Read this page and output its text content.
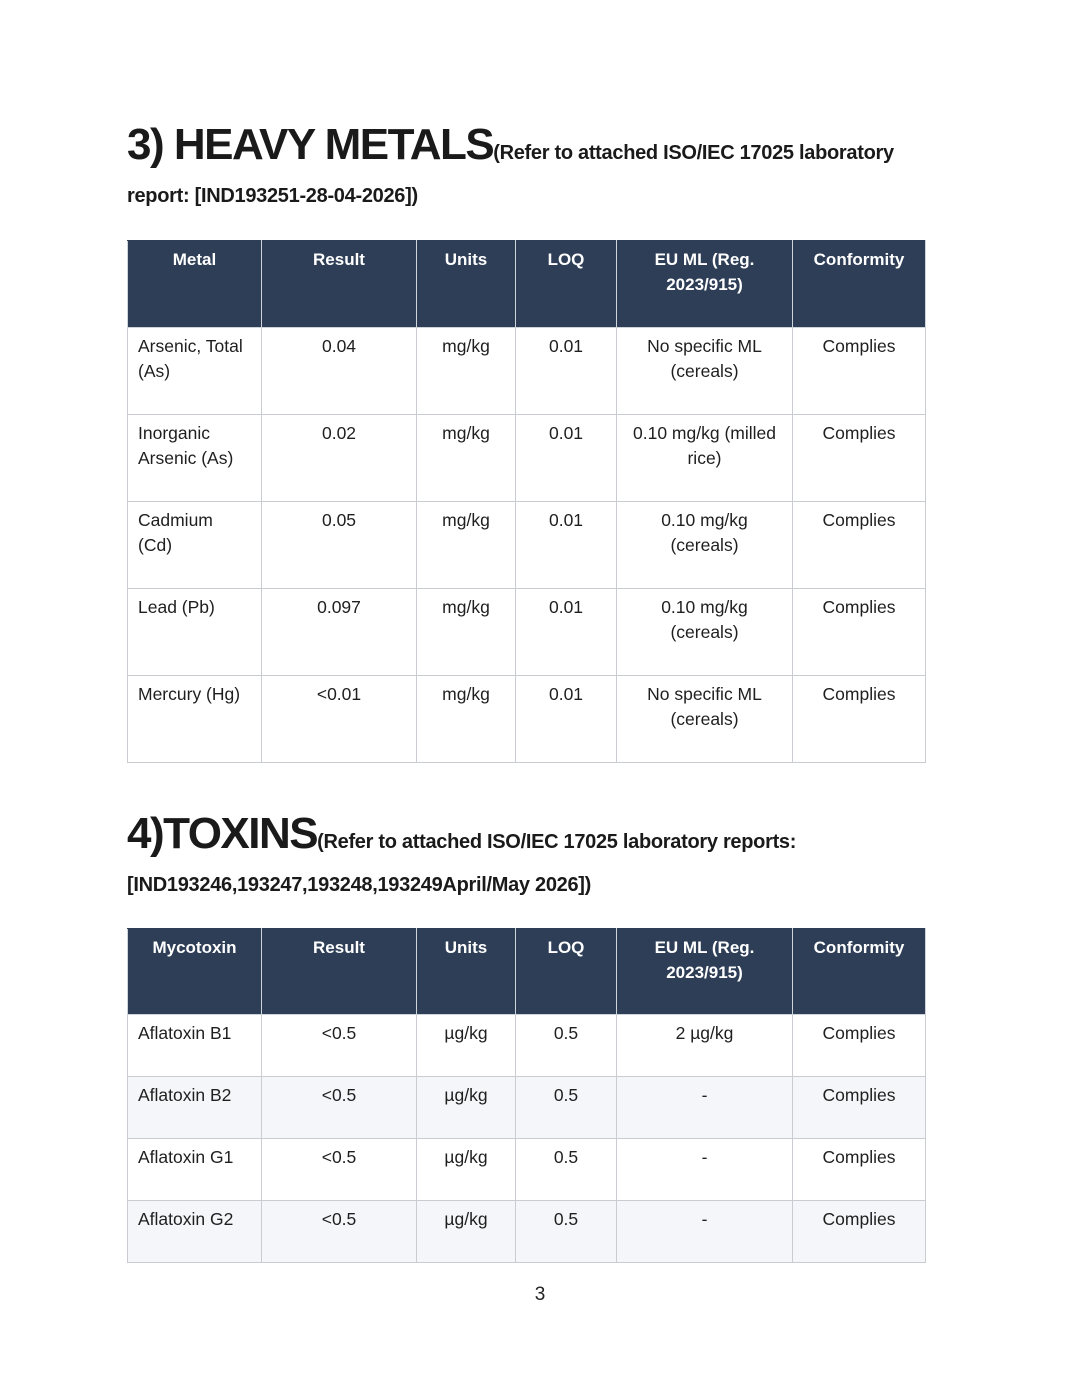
3) HEAVY METALS(Refer to attached ISO/IEC 17025 laboratory report: [IND193251-28-04-2026])
Metal	Result	Units	LOQ	EU ML (Reg. 2023/915)	Conformity
Arsenic, Total (As)	0.04	mg/kg	0.01	No specific ML (cereals)	Complies
Inorganic Arsenic (As)	0.02	mg/kg	0.01	0.10 mg/kg (milled rice)	Complies
Cadmium (Cd)	0.05	mg/kg	0.01	0.10 mg/kg (cereals)	Complies
Lead (Pb)	0.097	mg/kg	0.01	0.10 mg/kg (cereals)	Complies
Mercury (Hg)	<0.01	mg/kg	0.01	No specific ML (cereals)	Complies
4)TOXINS(Refer to attached ISO/IEC 17025 laboratory reports: [IND193246,193247,193248,193249April/May 2026])
Mycotoxin	Result	Units	LOQ	EU ML (Reg. 2023/915)	Conformity
Aflatoxin B1	<0.5	µg/kg	0.5	2 µg/kg	Complies
Aflatoxin B2	<0.5	µg/kg	0.5	-	Complies
Aflatoxin G1	<0.5	µg/kg	0.5	-	Complies
Aflatoxin G2	<0.5	µg/kg	0.5	-	Complies
3
